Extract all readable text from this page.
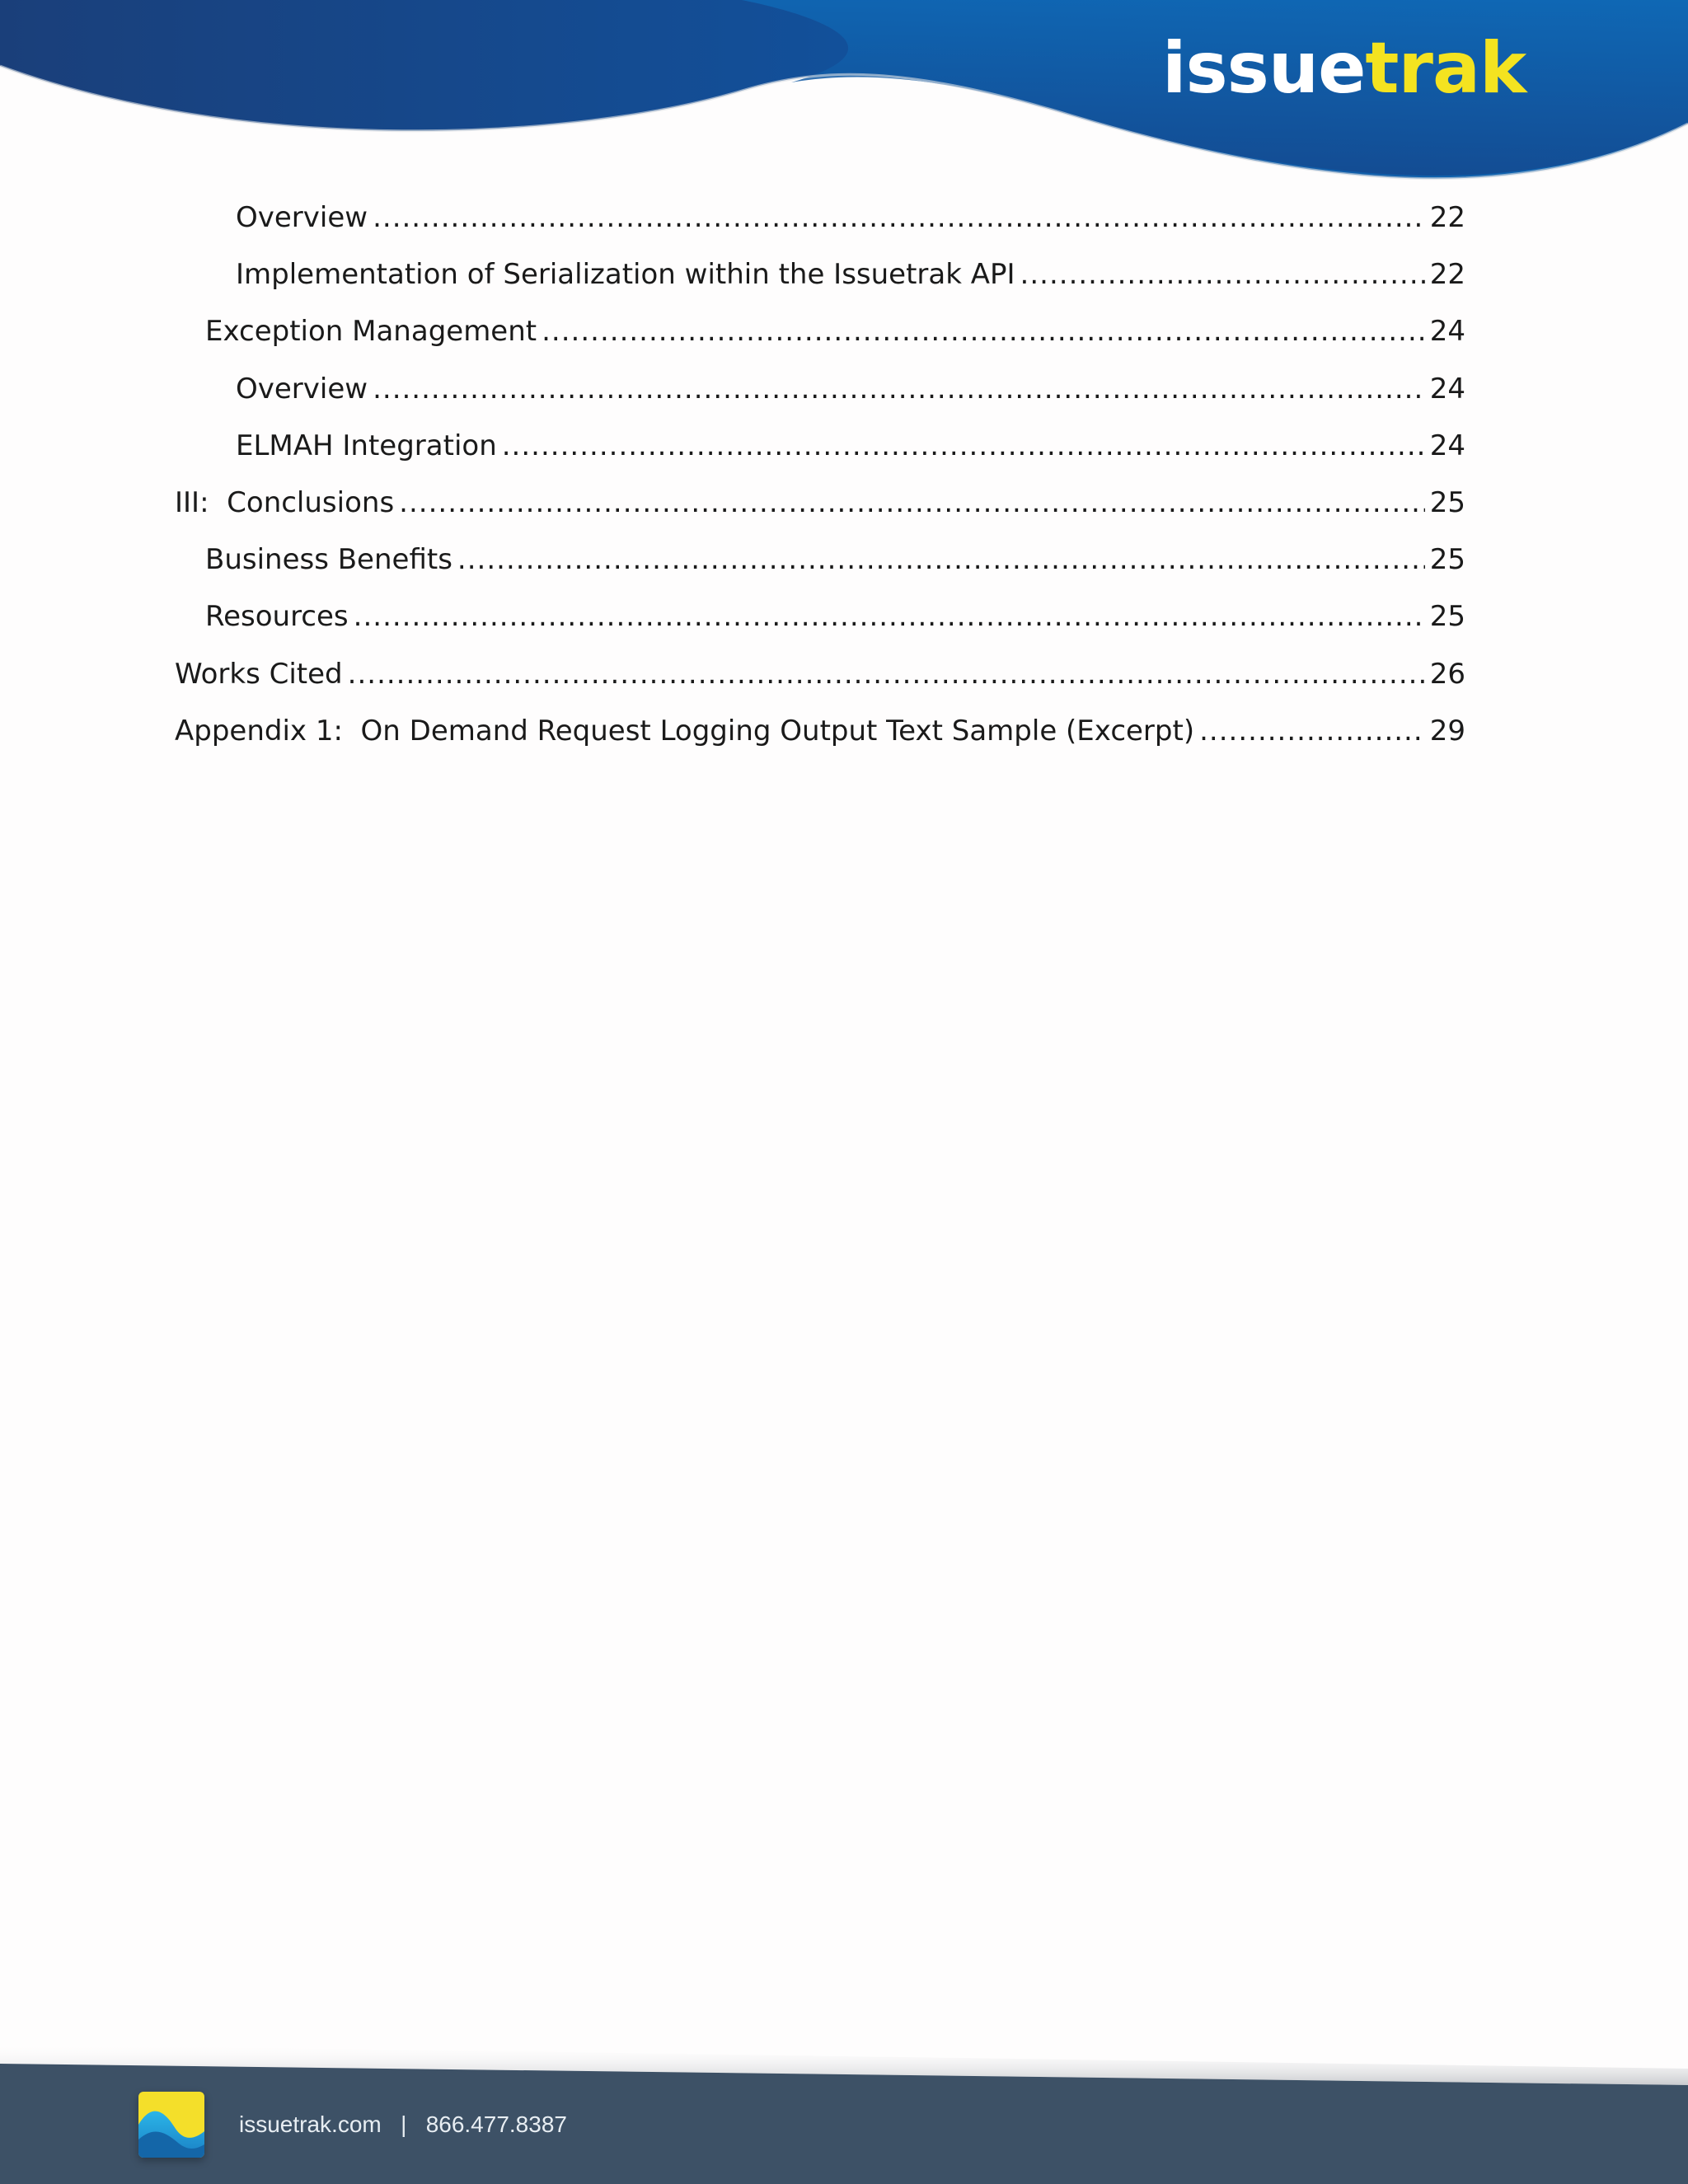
issuetrak
Overview .....	22
Implementation of Serialization within the Issuetrak API .....	22
Exception Management .....	24
Overview .....	24
ELMAH Integration .....	24
III:  Conclusions .....	25
Business Benefits .....	25
Resources .....	25
Works Cited .....	26
Appendix 1:  On Demand Request Logging Output Text Sample (Excerpt) .....	29
issuetrak.com | 866.477.8387
